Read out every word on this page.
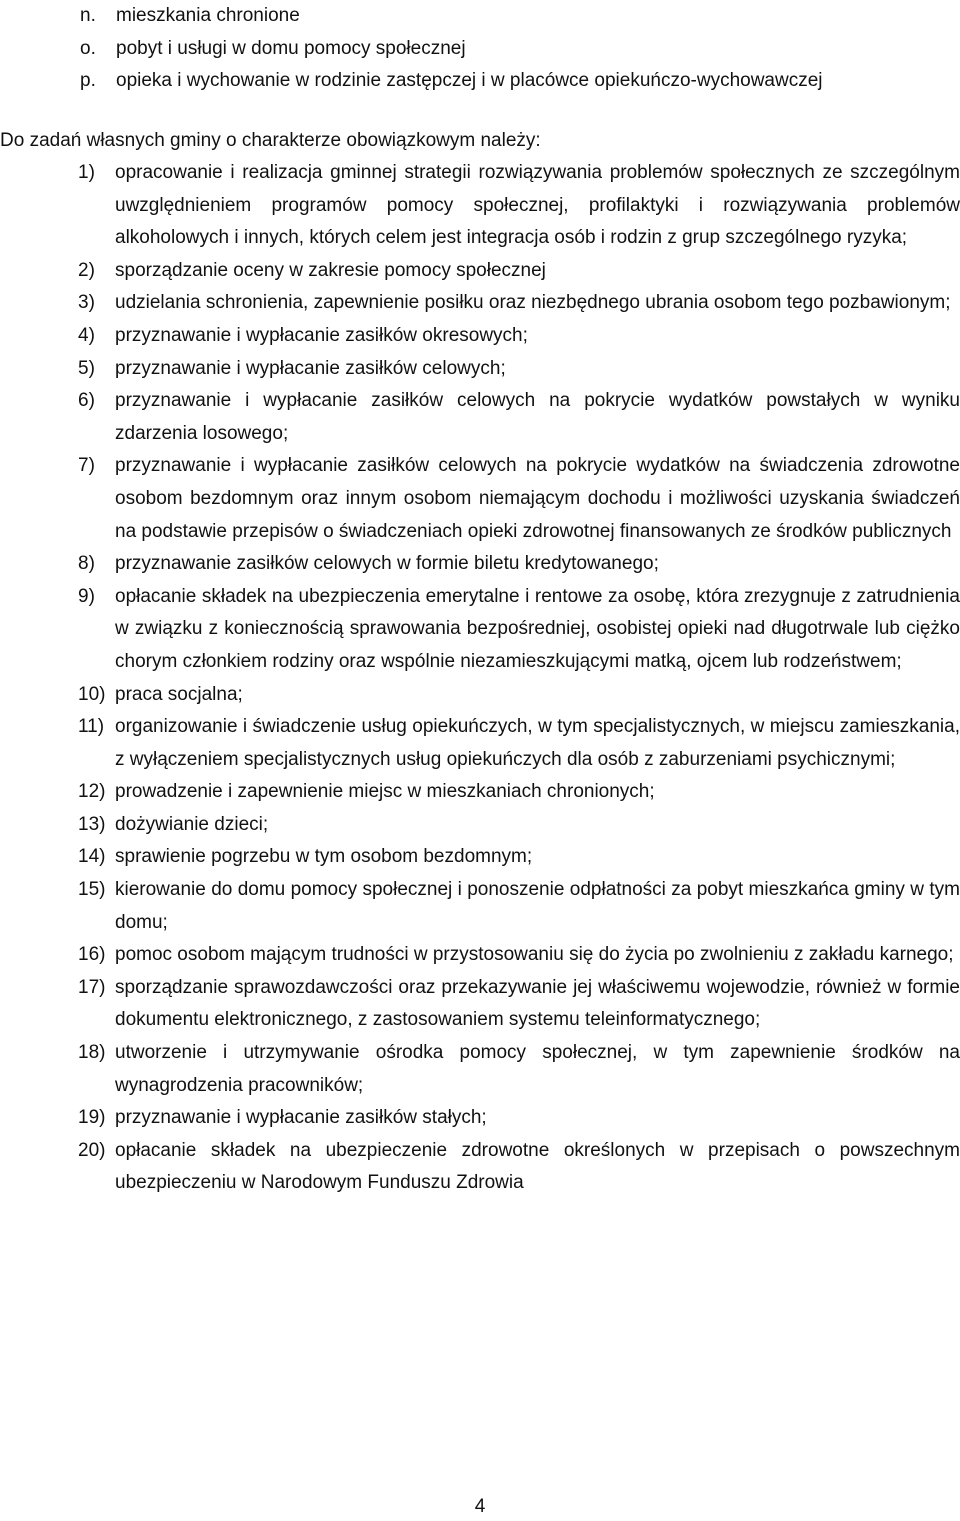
n.	mieszkania chronione
o.	pobyt i usługi w domu pomocy społecznej
p.	opieka i wychowanie w rodzinie zastępczej i w placówce opiekuńczo-wychowawczej
Do zadań własnych gminy o charakterze obowiązkowym należy:
1)	opracowanie i realizacja gminnej strategii rozwiązywania problemów społecznych ze szczególnym uwzględnieniem programów pomocy społecznej, profilaktyki i rozwiązywania problemów alkoholowych i innych, których celem jest integracja osób i rodzin z grup szczególnego ryzyka;
2)	sporządzanie oceny w zakresie pomocy społecznej
3)	udzielania schronienia, zapewnienie posiłku oraz niezbędnego ubrania osobom tego pozbawionym;
4)	przyznawanie i wypłacanie zasiłków okresowych;
5)	przyznawanie i wypłacanie zasiłków celowych;
6)	przyznawanie i wypłacanie zasiłków celowych na pokrycie wydatków powstałych w wyniku zdarzenia losowego;
7)	przyznawanie i wypłacanie zasiłków celowych na pokrycie wydatków na świadczenia zdrowotne osobom bezdomnym oraz innym osobom niemającym dochodu i możliwości uzyskania świadczeń na podstawie przepisów o świadczeniach opieki zdrowotnej finansowanych ze środków publicznych
8)	przyznawanie zasiłków celowych w formie biletu kredytowanego;
9)	opłacanie składek na ubezpieczenia emerytalne i rentowe za osobę, która zrezygnuje z zatrudnienia w związku z koniecznością sprawowania bezpośredniej, osobistej opieki nad długotrwale lub ciężko chorym członkiem rodziny oraz wspólnie niezamieszkującymi matką, ojcem lub rodzeństwem;
10) praca socjalna;
11) organizowanie i świadczenie usług opiekuńczych, w tym specjalistycznych, w miejscu zamieszkania, z wyłączeniem specjalistycznych usług opiekuńczych dla osób z zaburzeniami psychicznymi;
12) prowadzenie i zapewnienie miejsc w mieszkaniach chronionych;
13) dożywianie dzieci;
14) sprawienie pogrzebu w tym osobom bezdomnym;
15) kierowanie do domu pomocy społecznej i ponoszenie odpłatności za pobyt mieszkańca gminy w tym domu;
16) pomoc osobom mającym trudności w przystosowaniu się do życia po zwolnieniu z zakładu karnego;
17) sporządzanie sprawozdawczości oraz przekazywanie jej właściwemu wojewodzie, również w formie dokumentu elektronicznego, z zastosowaniem systemu teleinformatycznego;
18) utworzenie i utrzymywanie ośrodka pomocy społecznej, w tym zapewnienie środków na wynagrodzenia pracowników;
19) przyznawanie i wypłacanie zasiłków stałych;
20) opłacanie składek na ubezpieczenie zdrowotne określonych w przepisach o powszechnym ubezpieczeniu w Narodowym Funduszu Zdrowia
4
